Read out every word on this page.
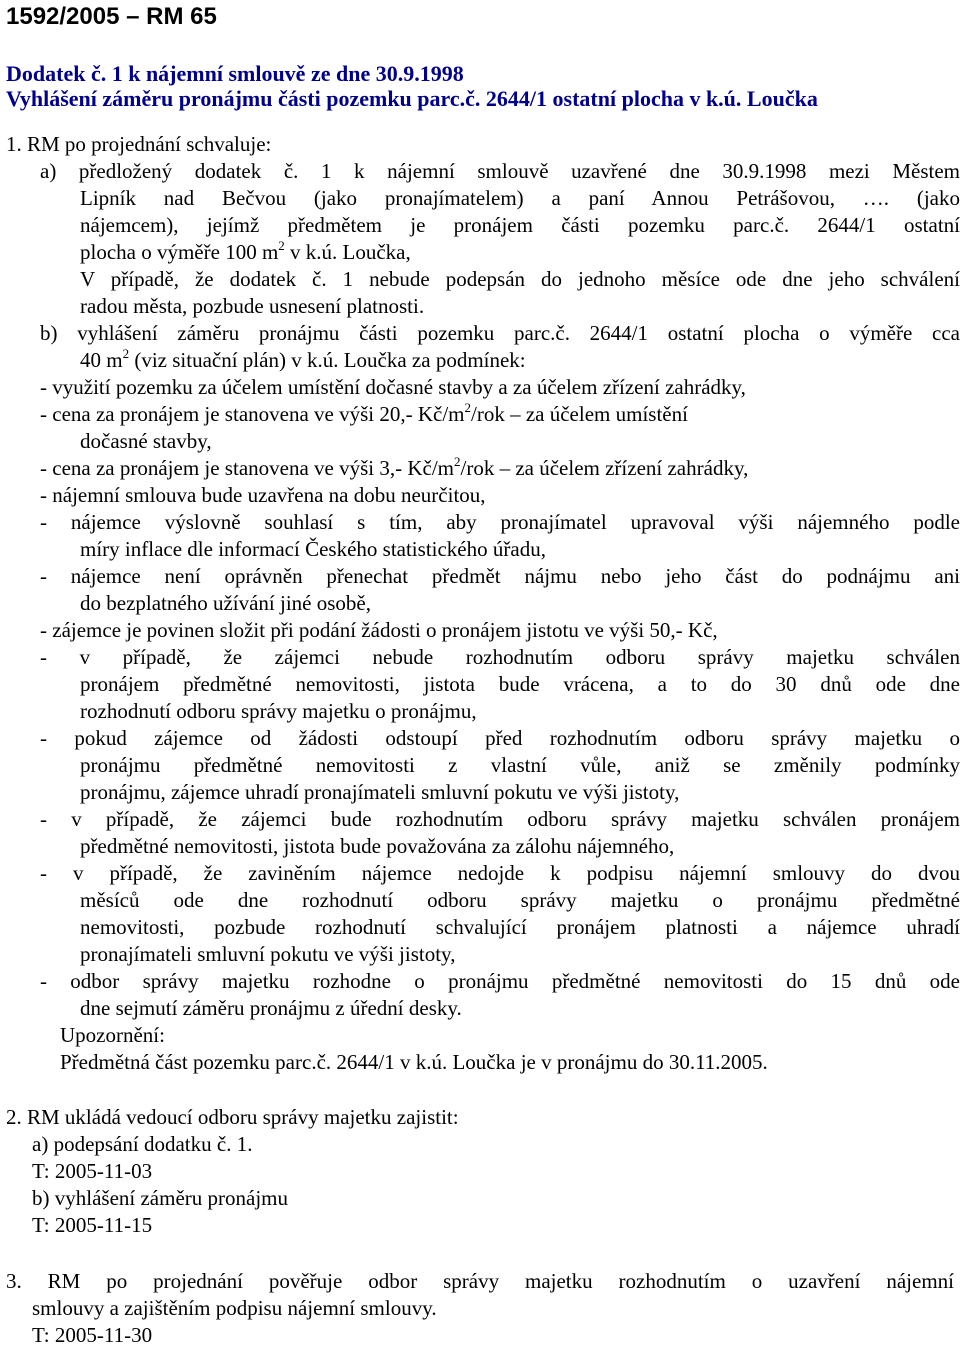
1592/2005 – RM 65
Dodatek č. 1 k nájemní smlouvě ze dne 30.9.1998
Vyhlášení záměru pronájmu části pozemku parc.č. 2644/1 ostatní plocha v k.ú. Loučka
1. RM po projednání schvaluje:
a) předložený dodatek č. 1 k nájemní smlouvě uzavřené dne 30.9.1998 mezi Městem
Lipník nad Bečvou (jako pronajímatelem) a paní Annou Petrášovou, …. (jako
nájemcem), jejímž předmětem je pronájem části pozemku parc.č. 2644/1 ostatní
plocha o výměře 100 $m^2$ v k.ú. Loučka,
V případě, že dodatek č. 1 nebude podepsán do jednoho měsíce ode dne jeho schválení
radou města, pozbude usnesení platnosti.
b) vyhlášení záměru pronájmu části pozemku parc.č. 2644/1 ostatní plocha o výměře cca
40 $m^2$ (viz situační plán) v k.ú. Loučka za podmínek:
- využití pozemku za účelem umístění dočasné stavby a za účelem zřízení zahrádky,
- cena za pronájem je stanovena ve výši 20,- $Kč/m^2$/rok – za účelem umístění
dočasné stavby,
- cena za pronájem je stanovena ve výši 3,- $Kč/m^2$/rok – za účelem zřízení zahrádky,
- nájemní smlouva bude uzavřena na dobu neurčitou,
- nájemce výslovně souhlasí s tím, aby pronajímatel upravoval výši nájemného podle
míry inflace dle informací Českého statistického úřadu,
- nájemce není oprávněn přenechat předmět nájmu nebo jeho část do podnájmu ani
do bezplatného užívání jiné osobě,
- zájemce je povinen složit při podání žádosti o pronájem jistotu ve výši 50,- Kč,
- v případě, že zájemci nebude rozhodnutím odboru správy majetku schválen
pronájem předmětné nemovitosti, jistota bude vrácena, a to do 30 dnů ode dne
rozhodnutí odboru správy majetku o pronájmu,
- pokud zájemce od žádosti odstoupí před rozhodnutím odboru správy majetku o
pronájmu předmětné nemovitosti z vlastní vůle, aniž se změnily podmínky
pronájmu, zájemce uhradí pronajímateli smluvní pokutu ve výši jistoty,
- v případě, že zájemci bude rozhodnutím odboru správy majetku schválen pronájem
předmětné nemovitosti, jistota bude považována za zálohu nájemného,
- v případě, že zaviněním nájemce nedojde k podpisu nájemní smlouvy do dvou
měsíců ode dne rozhodnutí odboru správy majetku o pronájmu předmětné
nemovitosti, pozbude rozhodnutí schvalující pronájem platnosti a nájemce uhradí
pronajímateli smluvní pokutu ve výši jistoty,
- odbor správy majetku rozhodne o pronájmu předmětné nemovitosti do 15 dnů ode
dne sejmutí záměru pronájmu z úřední desky.
Upozornění:
Předmětná část pozemku parc.č. 2644/1 v k.ú. Loučka je v pronájmu do 30.11.2005.
2. RM ukládá vedoucí odboru správy majetku zajistit:
a) podepsání dodatku č. 1.
T: 2005-11-03
b) vyhlášení záměru pronájmu
T: 2005-11-15
3. RM po projednání pověřuje odbor správy majetku rozhodnutím o uzavření nájemní
smlouvy a zajištěním podpisu nájemní smlouvy.
T: 2005-11-30
